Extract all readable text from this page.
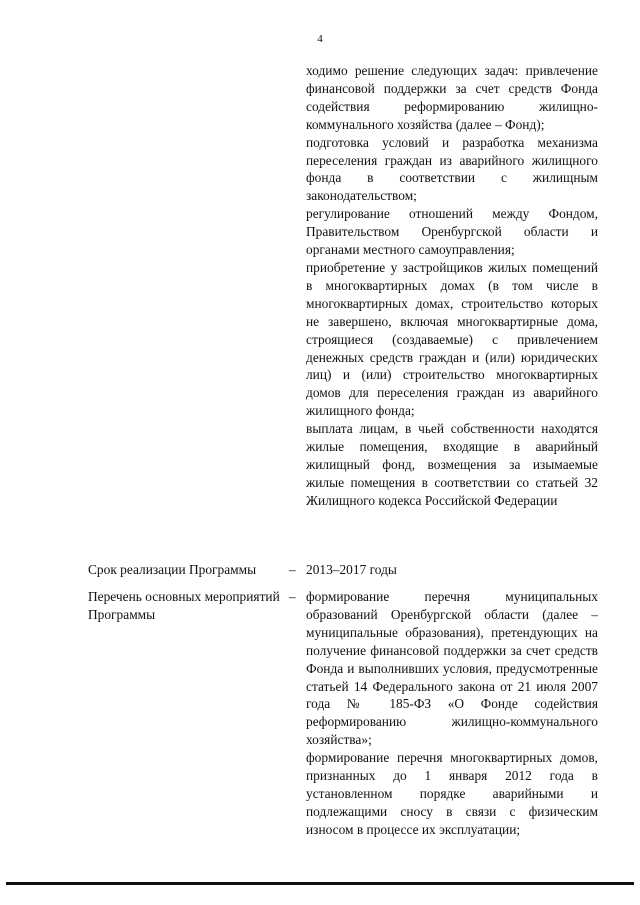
4

ходимо решение следующих задач: привлечение финансовой поддержки за счет средств Фонда содействия реформированию жилищно-коммунального хозяйства (далее – Фонд);

подготовка условий и разработка механизма переселения граждан из аварийного жилищного фонда в соответствии с жилищным законодательством;

регулирование отношений между Фондом, Правительством Оренбургской области и органами местного самоуправления;

приобретение у застройщиков жилых помещений в многоквартирных домах (в том числе в многоквартирных домах, строительство которых не завершено, включая многоквартирные дома, строящиеся (создаваемые) с привлечением денежных средств граждан и (или) юридических лиц) и (или) строительство многоквартирных домов для переселения граждан из аварийного жилищного фонда;

выплата лицам, в чьей собственности находятся жилые помещения, входящие в аварийный жилищный фонд, возмещения за изымаемые жилые помещения в соответствии со статьей 32 Жилищного кодекса Российской Федерации

Срок реализации Программы	– 2013–2017 годы
Перечень основных мероприятий Программы
– формирование перечня муниципальных образований Оренбургской области (далее – муниципальные образования), претендующих на получение финансовой поддержки за счет средств Фонда и выполнивших условия, предусмотренные статьей 14 Федерального закона от 21 июля 2007 года № 185-ФЗ «О Фонде содействия реформированию жилищно-коммунального хозяйства»;

формирование перечня многоквартирных домов, признанных до 1 января 2012 года в установленном порядке аварийными и подлежащими сносу в связи с физическим износом в процессе их эксплуатации;
